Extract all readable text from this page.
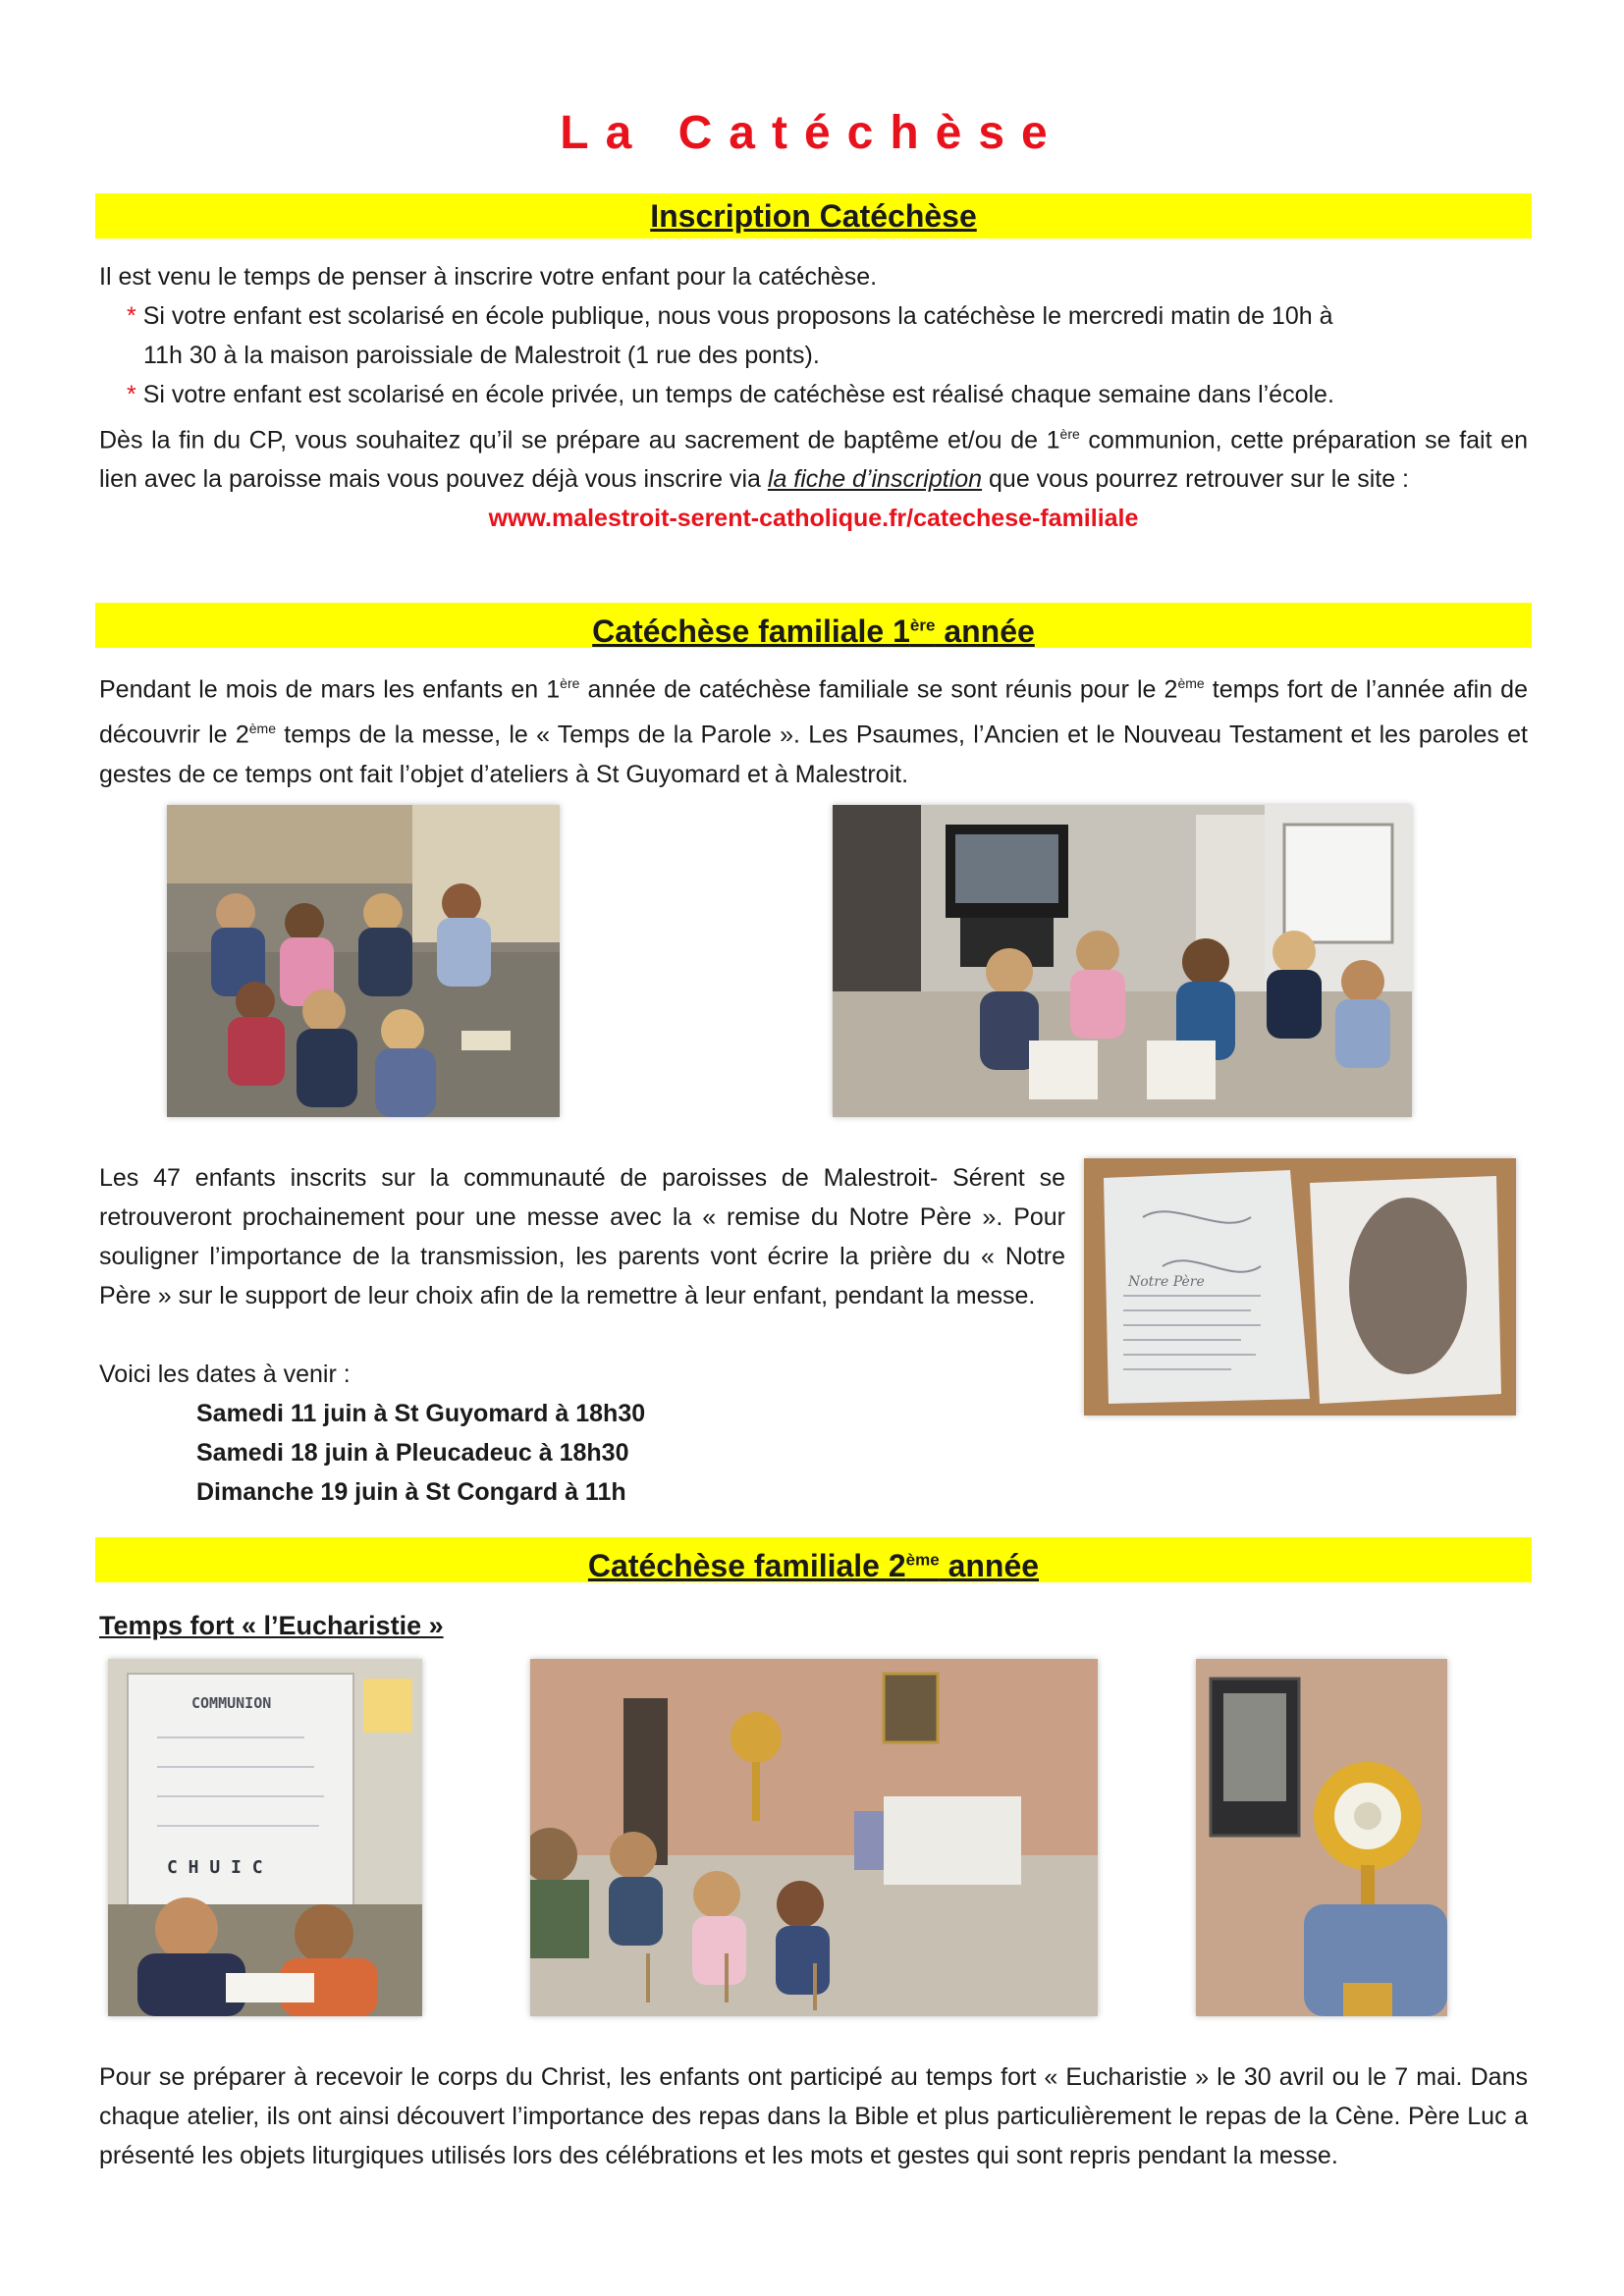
La Catéchèse
Inscription Catéchèse
Il est venu le temps de penser à inscrire votre enfant pour la catéchèse.
* Si votre enfant est scolarisé en école publique, nous vous proposons la catéchèse le mercredi matin de 10h à
11h 30 à la maison paroissiale de Malestroit (1 rue des ponts).
* Si votre enfant est scolarisé en école privée, un temps de catéchèse est réalisé chaque semaine dans l’école.
Dès la fin du CP, vous souhaitez qu’il se prépare au sacrement de baptême et/ou de 1ère communion, cette préparation se fait en lien avec la paroisse mais vous pouvez déjà vous inscrire via la fiche d’inscription que vous pourrez retrouver sur le site :
www.malestroit-serent-catholique.fr/catechese-familiale
Catéchèse familiale 1ère année
Pendant le mois de mars les enfants en 1ère année de catéchèse familiale se sont réunis pour le 2ème temps fort de l’année afin de découvrir le 2ème temps de la messe, le « Temps de la Parole ». Les Psaumes, l’Ancien et le Nouveau Testament et les paroles et gestes de ce temps ont fait l’objet d’ateliers à St Guyomard et à Malestroit.
Les 47 enfants inscrits sur la communauté de paroisses de Malestroit- Sérent se retrouveront prochainement pour une messe avec la « remise du Notre Père ». Pour souligner l’importance de la transmission, les parents vont écrire la prière du « Notre Père » sur le support de leur choix afin de la remettre à leur enfant, pendant la messe.
Voici les dates à venir :
Samedi 11 juin à St Guyomard à 18h30
Samedi 18 juin à Pleucadeuc à 18h30
Dimanche 19 juin à St Congard à 11h
Notre Père
Catéchèse familiale 2ème année
Temps fort « l’Eucharistie »
COMMUNION
C H U I C
Pour se préparer à recevoir le corps du Christ, les enfants ont participé au temps fort « Eucharistie » le 30 avril ou le 7 mai. Dans chaque atelier, ils ont ainsi découvert l’importance des repas dans la Bible et plus particulièrement le repas de la Cène. Père Luc a présenté les objets liturgiques utilisés lors des célébrations et les mots et gestes qui sont repris pendant la messe.
